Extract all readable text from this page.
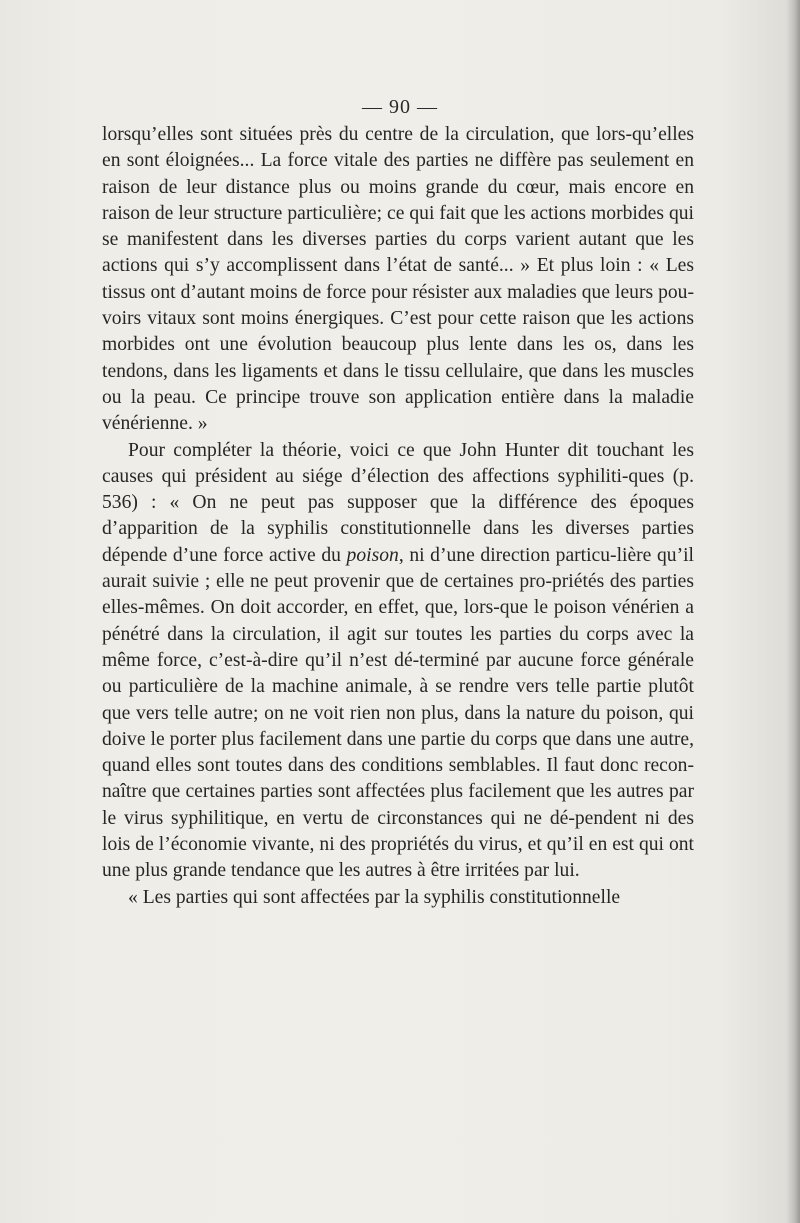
— 90 —

lorsqu’elles sont situées près du centre de la circulation, que lors-qu’elles en sont éloignées... La force vitale des parties ne diffère pas seulement en raison de leur distance plus ou moins grande du cœur, mais encore en raison de leur structure particulière; ce qui fait que les actions morbides qui se manifestent dans les diverses parties du corps varient autant que les actions qui s’y accomplissent dans l’état de santé... » Et plus loin : « Les tissus ont d’autant moins de force pour résister aux maladies que leurs pou-voirs vitaux sont moins énergiques. C’est pour cette raison que les actions morbides ont une évolution beaucoup plus lente dans les os, dans les tendons, dans les ligaments et dans le tissu cellulaire, que dans les muscles ou la peau. Ce principe trouve son application entière dans la maladie vénérienne. »

Pour compléter la théorie, voici ce que John Hunter dit touchant les causes qui président au siége d’élection des affections syphiliti-ques (p. 536) : « On ne peut pas supposer que la différence des époques d’apparition de la syphilis constitutionnelle dans les diverses parties dépende d’une force active du poison, ni d’une direction particu-lière qu’il aurait suivie ; elle ne peut provenir que de certaines pro-priétés des parties elles-mêmes. On doit accorder, en effet, que, lors-que le poison vénérien a pénétré dans la circulation, il agit sur toutes les parties du corps avec la même force, c’est-à-dire qu’il n’est dé-terminé par aucune force générale ou particulière de la machine animale, à se rendre vers telle partie plutôt que vers telle autre; on ne voit rien non plus, dans la nature du poison, qui doive le porter plus facilement dans une partie du corps que dans une autre, quand elles sont toutes dans des conditions semblables. Il faut donc recon-naître que certaines parties sont affectées plus facilement que les autres par le virus syphilitique, en vertu de circonstances qui ne dé-pendent ni des lois de l’économie vivante, ni des propriétés du virus, et qu’il en est qui ont une plus grande tendance que les autres à être irritées par lui.

« Les parties qui sont affectées par la syphilis constitutionnelle
